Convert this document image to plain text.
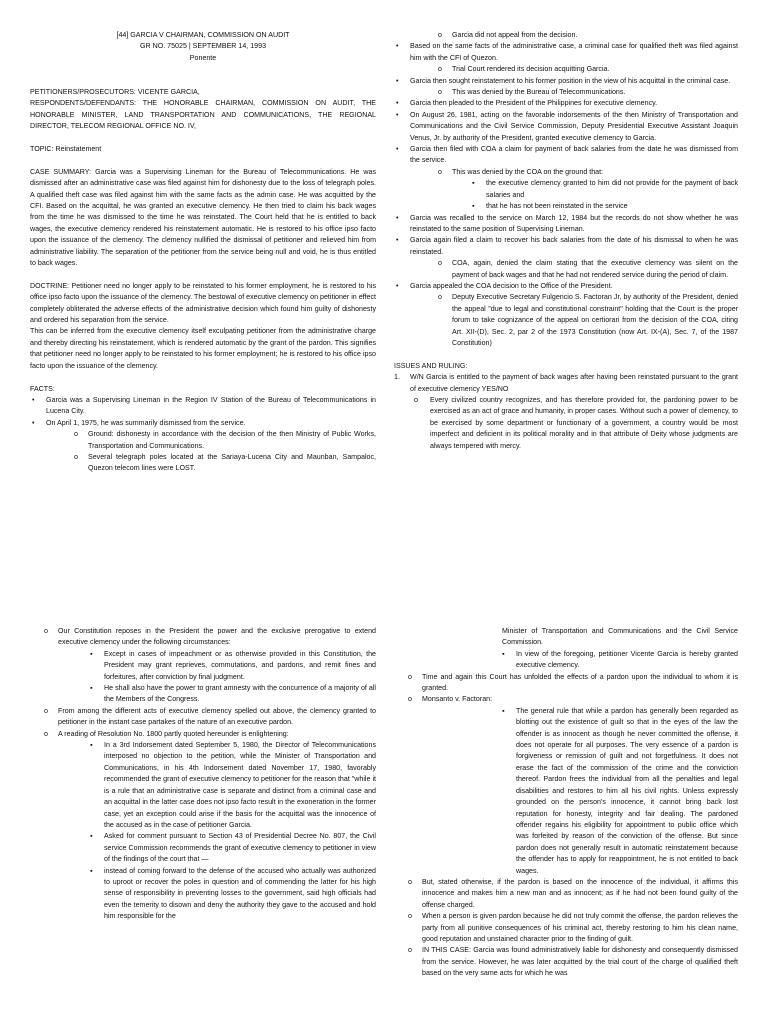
[44] GARCIA V CHAIRMAN, COMMISSION ON AUDIT

GR NO. 75025 | SEPTEMBER 14, 1993

Ponente

PETITIONERS/PROSECUTORS: VICENTE GARCIA,

RESPONDENTS/DEFENDANTS: THE HONORABLE CHAIRMAN, COMMISSION ON AUDIT, THE HONORABLE MINISTER, LAND TRANSPORTATION AND COMMUNICATIONS, THE REGIONAL DIRECTOR, TELECOM REGIONAL OFFICE NO. IV,

TOPIC: Reinstatement

CASE SUMMARY: Garcia was a Supervising Lineman for the Bureau of Telecommunications. He was dismissed after an administrative case was filed against him for dishonesty due to the loss of telegraph poles. A qualified theft case was filed against him with the same facts as the admin case. He was acquitted by the CFI. Based on the acquittal, he was granted an executive clemency. He then tried to claim his back wages from the time he was dismissed to the time he was reinstated. The Court held that he is entitled to back wages, the executive clemency rendered his reinstatement automatic. He is restored to his office ipso facto upon the issuance of the clemency. The clemency nullified the dismissal of petitioner and relieved him from administrative liability. The separation of the petitioner from the service being null and void, he is thus entitled to back wages.

DOCTRINE: Petitioner need no longer apply to be reinstated to his former employment, he is restored to his office ipso facto upon the issuance of the clemency. The bestowal of executive clemency on petitioner in effect completely obliterated the adverse effects of the administrative decision which found him guilty of dishonesty and ordered his separation from the service.

This can be inferred from the executive clemency itself exculpating petitioner from the administrative charge and thereby directing his reinstatement, which is rendered automatic by the grant of the pardon. This signifies that petitioner need no longer apply to be reinstated to his former employment; he is restored to his office ipso facto upon the issuance of the clemency.

FACTS:

• Garcia was a Supervising Lineman in the Region IV Station of the Bureau of Telecommunications in Lucena City.
• On April 1, 1975, he was summarily dismissed from the service.
o Ground: dishonesty in accordance with the decision of the then Ministry of Public Works, Transportation and Communications.
o Several telegraph poles located at the Sariaya-Lucena City and Maunban, Sampaloc, Quezon telecom lines were LOST.
o Garcia did not appeal from the decision.
• Based on the same facts of the administrative case, a criminal case for qualified theft was filed against him with the CFI of Quezon.
o Trial Court rendered its decision acquitting Garcia.
• Garcia then sought reinstatement to his former position in the view of his acquittal in the criminal case.
o This was denied by the Bureau of Telecommunications.
• Garcia then pleaded to the President of the Philippines for executive clemency.
• On August 26, 1981, acting on the favorable indorsements of the then Ministry of Transportation and Communications and the Civil Service Commission, Deputy Presidential Executive Assistant Joaquin Venus, Jr. by authority of the President, granted executive clemency to Garcia.
• Garcia then filed with COA a claim for payment of back salaries from the date he was dismissed from the service.
o This was denied by the COA on the ground that:
▪ the executive clemency granted to him did not provide for the payment of back salaries and
▪ that he has not been reinstated in the service
• Garcia was recalled to the service on March 12, 1984 but the records do not show whether he was reinstated to the same position of Supervising Lineman.
• Garcia again filed a claim to recover his back salaries from the date of his dismissal to when he was reinstated.
o COA, again, denied the claim stating that the executive clemency was silent on the payment of back wages and that he had not rendered service during the period of claim.
• Garcia appealed the COA decision to the Office of the President.
o Deputy Executive Secretary Fulgencio S. Factoran Jr, by authority of the President, denied the appeal "due to legal and constitutional constraint" holding that the Court is the proper forum to take cognizance of the appeal on certiorari from the decision of the COA, citing Art. XII-(D), Sec. 2, par 2 of the 1973 Constitution (now Art. IX-(A), Sec. 7, of the 1987 Constitution)

ISSUES AND RULING:

1. W/N Garcia is entitled to the payment of back wages after having been reinstated pursuant to the grant of executive clemency YES/NO
o Every civilized country recognizes, and has therefore provided for, the pardoning power to be exercised as an act of grace and humanity, in proper cases. Without such a power of clemency, to be exercised by some department or functionary of a government, a country would be most imperfect and deficient in its political morality and in that attribute of Deity whose judgments are always tempered with mercy.
o Our Constitution reposes in the President the power and the exclusive prerogative to extend executive clemency under the following circumstances:
▪ Except in cases of impeachment or as otherwise provided in this Constitution, the President may grant reprieves, commutations, and pardons, and remit fines and forfeitures, after conviction by final judgment.
▪ He shall also have the power to grant amnesty with the concurrence of a majority of all the Members of the Congress.
o From among the different acts of executive clemency spelled out above, the clemency granted to petitioner in the instant case partakes of the nature of an executive pardon.
o A reading of Resolution No. 1800 partly quoted hereunder is enlightening:
▪ In a 3rd Indorsement dated September 5, 1980, the Director of Telecommunications interposed no objection to the petition, while the Minister of Transportation and Communications, in his 4th Indorsement dated November 17, 1980, favorably recommended the grant of executive clemency to petitioner for the reason that "while it is a rule that an administrative case is separate and distinct from a criminal case and an acquittal in the latter case does not ipso facto result in the exoneration in the former case, yet an exception could arise if the basis for the acquittal was the innocence of the accused as in the case of petitioner Garcia.
▪ Asked for comment pursuant to Section 43 of Presidential Decree No. 807, the Civil service Commission recommends the grant of executive clemency to petitioner in view of the findings of the court that —
▪ instead of coming forward to the defense of the accused who actually was authorized to uproot or recover the poles in question and of commending the latter for his high sense of responsibility in preventing losses to the government, said high officials had even the temerity to disown and deny the authority they gave to the accused and hold him responsible for the

Minister of Transportation and Communications and the Civil Service Commission.

▪ In view of the foregoing, petitioner Vicente Garcia is hereby granted executive clemency.
o Time and again this Court has unfolded the effects of a pardon upon the individual to whom it is granted.
o Monsanto v. Factoran:
▪ The general rule that while a pardon has generally been regarded as blotting out the existence of guilt so that in the eyes of the law the offender is as innocent as though he never committed the offense, it does not operate for all purposes. The very essence of a pardon is forgiveness or remission of guilt and not forgetfulness. It does not erase the fact of the commission of the crime and the conviction thereof. Pardon frees the individual from all the penalties and legal disabilities and restores to him all his civil rights. Unless expressly grounded on the person's innocence, it cannot bring back lost reputation for honesty, integrity and fair dealing. The pardoned offender regains his eligibility for appointment to public office which was forfeited by reason of the conviction of the offense. But since pardon does not generally result in automatic reinstatement because the offender has to apply for reappointment, he is not entitled to back wages.
o But, stated otherwise, if the pardon is based on the innocence of the individual, it affirms this innocence and makes him a new man and as innocent; as if he had not been found guilty of the offense charged.
o When a person is given pardon because he did not truly commit the offense, the pardon relieves the party from all punitive consequences of his criminal act, thereby restoring to him his clean name, good reputation and unstained character prior to the finding of guilt.
o IN THIS CASE: Garcia was found administratively liable for dishonesty and consequently dismissed from the service. However, he was later acquitted by the trial court of the charge of qualified theft based on the very same acts for which he was
